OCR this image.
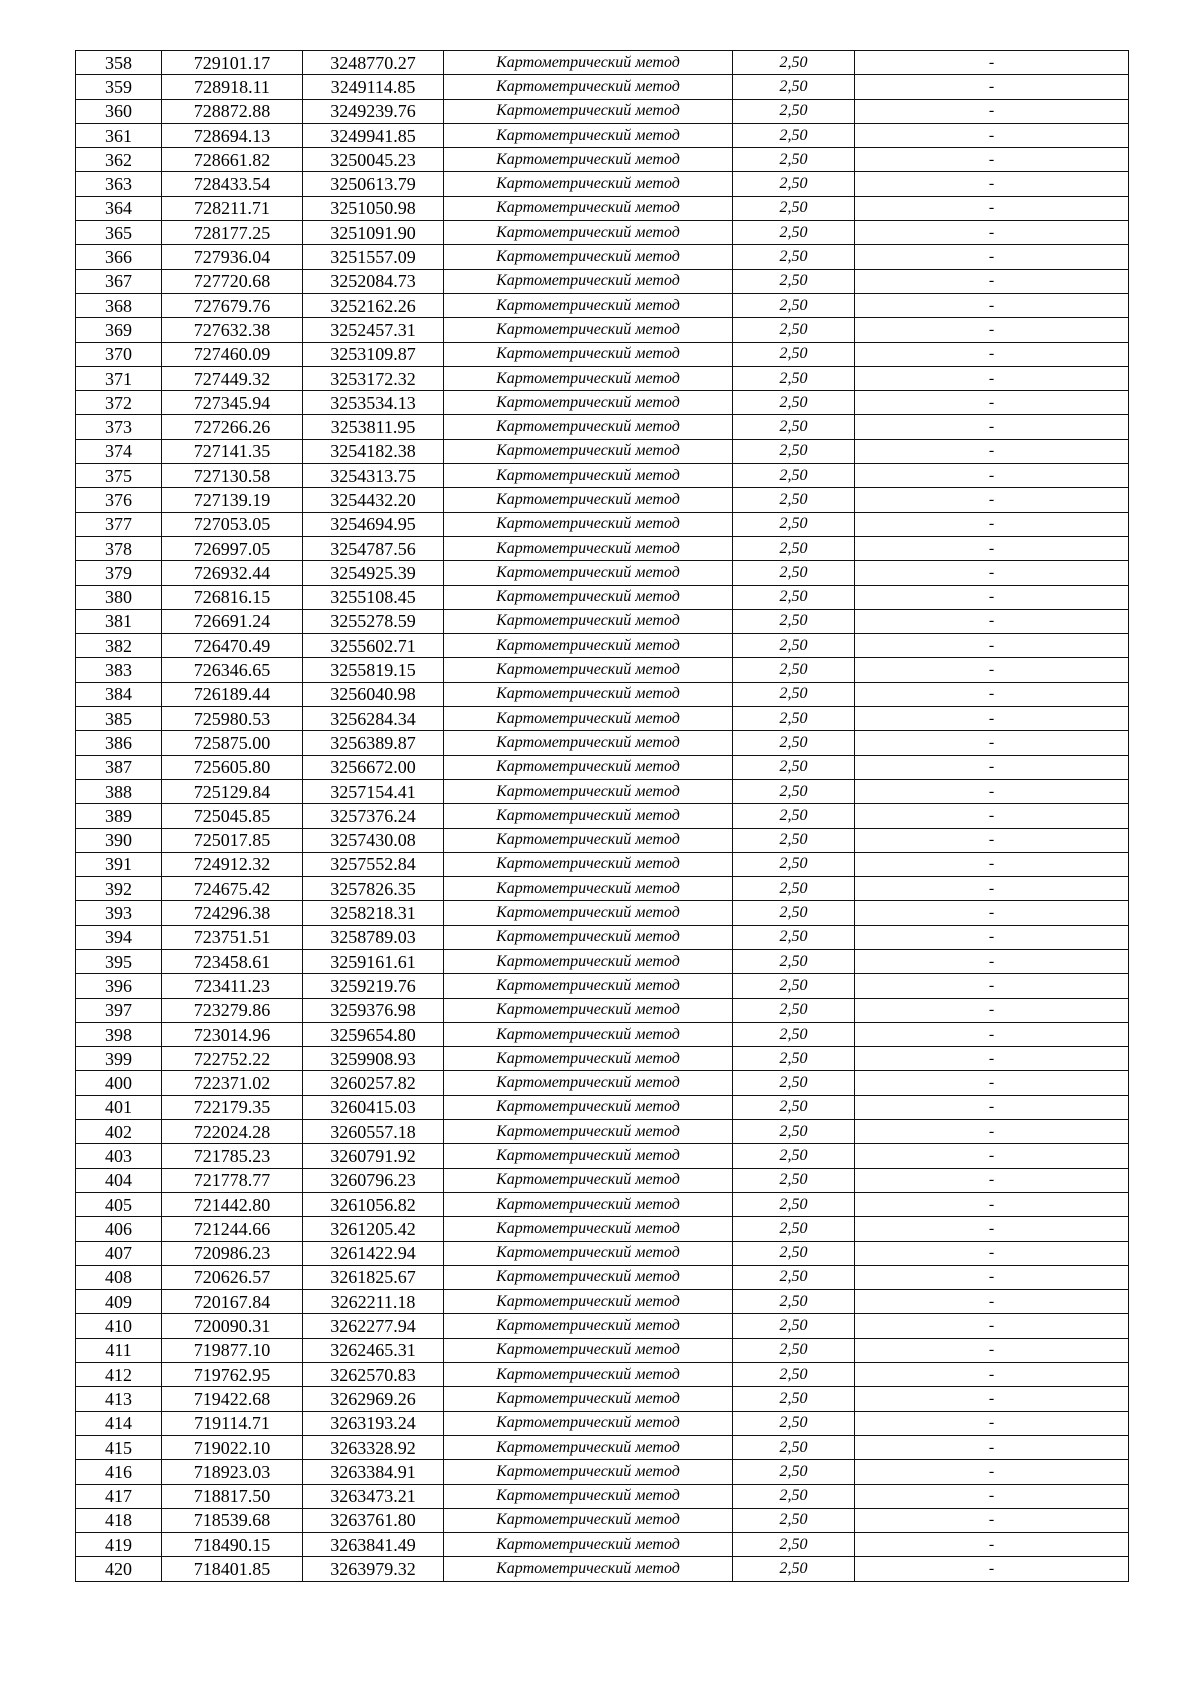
358	729101.17	3248770.27	Картометрический метод	2,50	-
359	728918.11	3249114.85	Картометрический метод	2,50	-
360	728872.88	3249239.76	Картометрический метод	2,50	-
361	728694.13	3249941.85	Картометрический метод	2,50	-
362	728661.82	3250045.23	Картометрический метод	2,50	-
363	728433.54	3250613.79	Картометрический метод	2,50	-
364	728211.71	3251050.98	Картометрический метод	2,50	-
365	728177.25	3251091.90	Картометрический метод	2,50	-
366	727936.04	3251557.09	Картометрический метод	2,50	-
367	727720.68	3252084.73	Картометрический метод	2,50	-
368	727679.76	3252162.26	Картометрический метод	2,50	-
369	727632.38	3252457.31	Картометрический метод	2,50	-
370	727460.09	3253109.87	Картометрический метод	2,50	-
371	727449.32	3253172.32	Картометрический метод	2,50	-
372	727345.94	3253534.13	Картометрический метод	2,50	-
373	727266.26	3253811.95	Картометрический метод	2,50	-
374	727141.35	3254182.38	Картометрический метод	2,50	-
375	727130.58	3254313.75	Картометрический метод	2,50	-
376	727139.19	3254432.20	Картометрический метод	2,50	-
377	727053.05	3254694.95	Картометрический метод	2,50	-
378	726997.05	3254787.56	Картометрический метод	2,50	-
379	726932.44	3254925.39	Картометрический метод	2,50	-
380	726816.15	3255108.45	Картометрический метод	2,50	-
381	726691.24	3255278.59	Картометрический метод	2,50	-
382	726470.49	3255602.71	Картометрический метод	2,50	-
383	726346.65	3255819.15	Картометрический метод	2,50	-
384	726189.44	3256040.98	Картометрический метод	2,50	-
385	725980.53	3256284.34	Картометрический метод	2,50	-
386	725875.00	3256389.87	Картометрический метод	2,50	-
387	725605.80	3256672.00	Картометрический метод	2,50	-
388	725129.84	3257154.41	Картометрический метод	2,50	-
389	725045.85	3257376.24	Картометрический метод	2,50	-
390	725017.85	3257430.08	Картометрический метод	2,50	-
391	724912.32	3257552.84	Картометрический метод	2,50	-
392	724675.42	3257826.35	Картометрический метод	2,50	-
393	724296.38	3258218.31	Картометрический метод	2,50	-
394	723751.51	3258789.03	Картометрический метод	2,50	-
395	723458.61	3259161.61	Картометрический метод	2,50	-
396	723411.23	3259219.76	Картометрический метод	2,50	-
397	723279.86	3259376.98	Картометрический метод	2,50	-
398	723014.96	3259654.80	Картометрический метод	2,50	-
399	722752.22	3259908.93	Картометрический метод	2,50	-
400	722371.02	3260257.82	Картометрический метод	2,50	-
401	722179.35	3260415.03	Картометрический метод	2,50	-
402	722024.28	3260557.18	Картометрический метод	2,50	-
403	721785.23	3260791.92	Картометрический метод	2,50	-
404	721778.77	3260796.23	Картометрический метод	2,50	-
405	721442.80	3261056.82	Картометрический метод	2,50	-
406	721244.66	3261205.42	Картометрический метод	2,50	-
407	720986.23	3261422.94	Картометрический метод	2,50	-
408	720626.57	3261825.67	Картометрический метод	2,50	-
409	720167.84	3262211.18	Картометрический метод	2,50	-
410	720090.31	3262277.94	Картометрический метод	2,50	-
411	719877.10	3262465.31	Картометрический метод	2,50	-
412	719762.95	3262570.83	Картометрический метод	2,50	-
413	719422.68	3262969.26	Картометрический метод	2,50	-
414	719114.71	3263193.24	Картометрический метод	2,50	-
415	719022.10	3263328.92	Картометрический метод	2,50	-
416	718923.03	3263384.91	Картометрический метод	2,50	-
417	718817.50	3263473.21	Картометрический метод	2,50	-
418	718539.68	3263761.80	Картометрический метод	2,50	-
419	718490.15	3263841.49	Картометрический метод	2,50	-
420	718401.85	3263979.32	Картометрический метод	2,50	-
